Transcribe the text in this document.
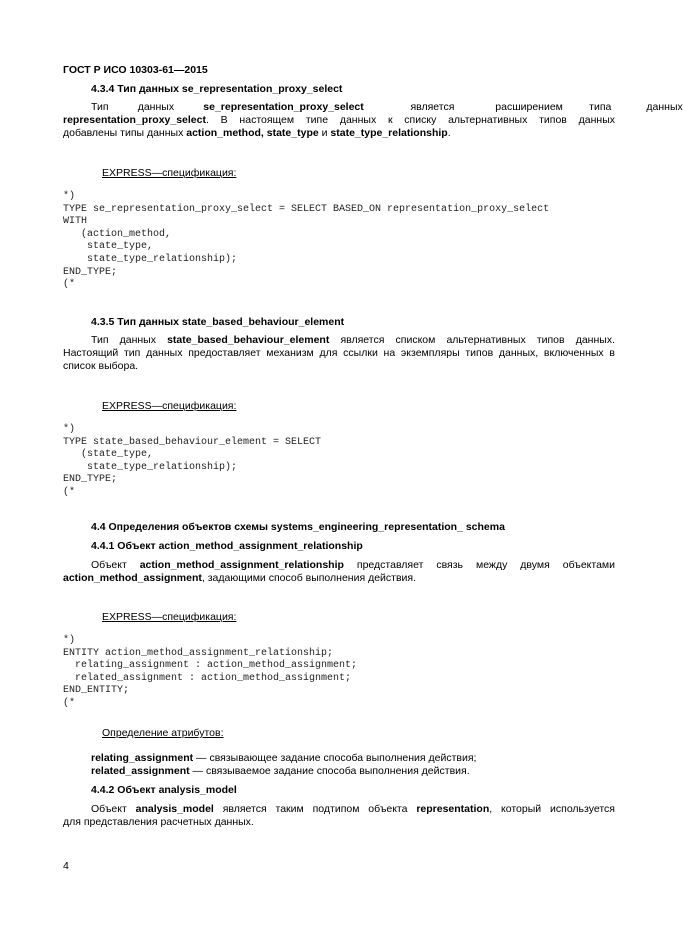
ГОСТ Р ИСО 10303-61—2015
4.3.4 Тип данных se_representation_proxy_select
Тип	данных	se_representation_proxy_select	является	расширением	типа	данных
representation_proxy_select. В настоящем типе данных к списку альтернативных типов данных
добавлены типы данных action_method, state_type и state_type_relationship.
EXPRESS—спецификация:
*)
TYPE se_representation_proxy_select = SELECT BASED_ON representation_proxy_select
WITH
(action_method,
state_type,
state_type_relationship);
END_TYPE;
(*
4.3.5 Тип данных state_based_behaviour_element
Тип данных state_based_behaviour_element является списком альтернативных типов данных.
Настоящий тип данных предоставляет механизм для ссылки на экземпляры типов данных, включенных в
список выбора.
EXPRESS—спецификация:
*)
TYPE state_based_behaviour_element = SELECT
(state_type,
state_type_relationship);
END_TYPE;
(*
4.4 Определения объектов схемы systems_engineering_representation_ schema
4.4.1 Объект action_method_assignment_relationship
Объект action_method_assignment_relationship представляет связь между двумя объектами
action_method_assignment, задающими способ выполнения действия.
EXPRESS—спецификация:
*)
ENTITY action_method_assignment_relationship;
relating_assignment : action_method_assignment;
related_assignment : action_method_assignment;
END_ENTITY;
(*
Определение атрибутов:
relating_assignment — связывающее задание способа выполнения действия;
related_assignment — связываемое задание способа выполнения действия.
4.4.2 Объект analysis_model
Объект analysis_model является таким подтипом объекта representation, который используется
для представления расчетных данных.
4
